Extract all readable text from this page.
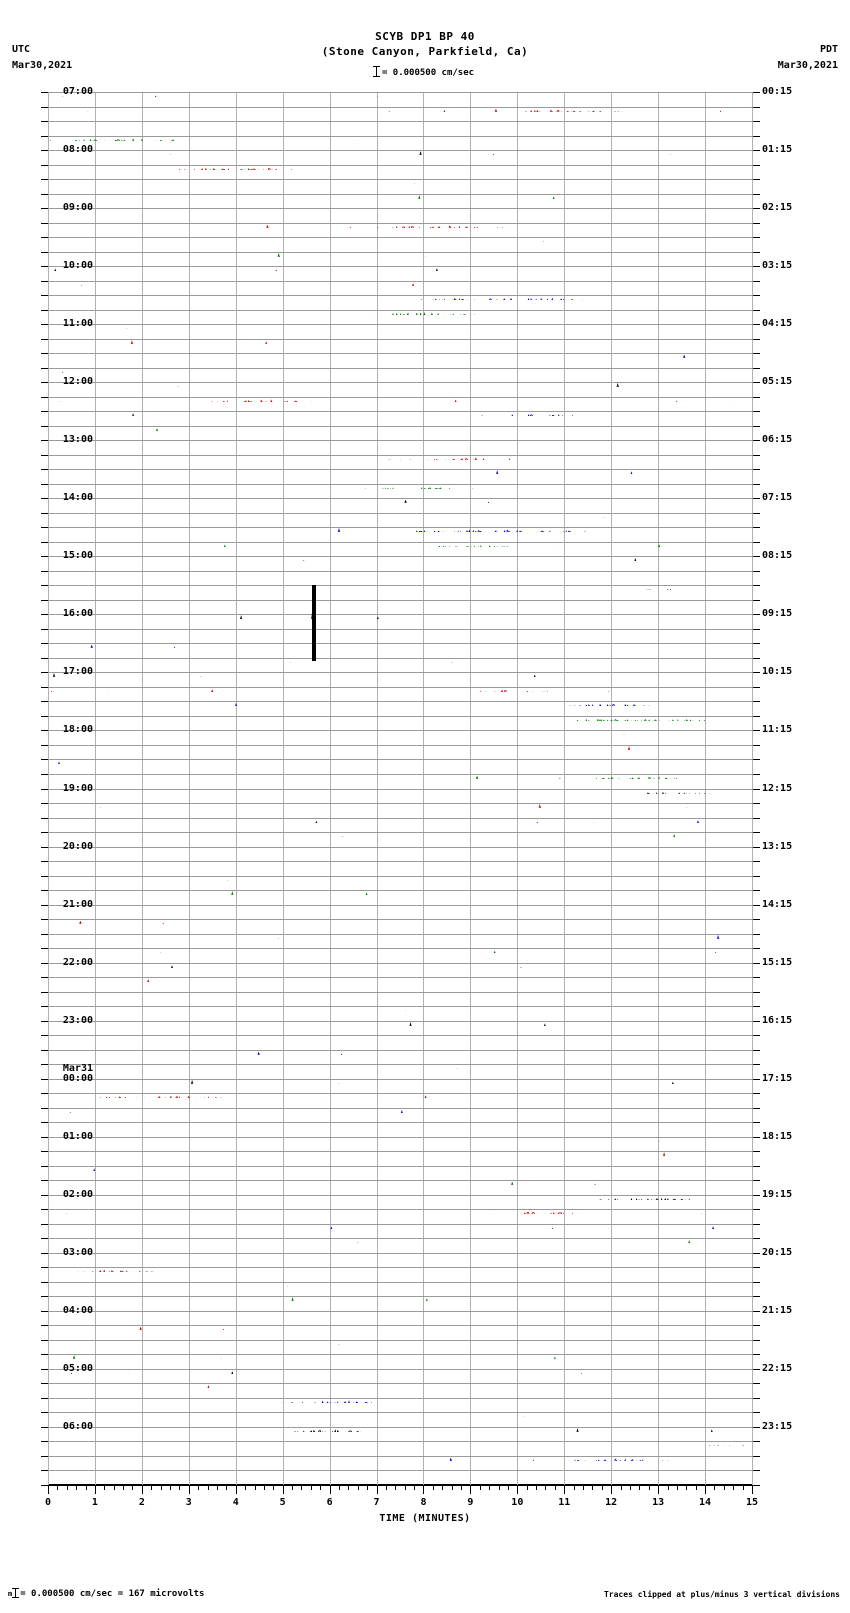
SCYB DP1 BP 40
(Stone Canyon, Parkfield, Ca)
= 0.000500 cm/sec
UTC
Mar30,2021
PDT
Mar30,2021
07:00
08:00
09:00
10:00
11:00
12:00
13:00
14:00
15:00
16:00
17:00
18:00
19:00
20:00
21:00
22:00
23:00
Mar31
00:00
01:00
02:00
03:00
04:00
05:00
06:00
00:15
01:15
02:15
03:15
04:15
05:15
06:15
07:15
08:15
09:15
10:15
11:15
12:15
13:15
14:15
15:15
16:15
17:15
18:15
19:15
20:15
21:15
22:15
23:15
0	1	2	3	4	5	6	7	8	9	10	11	12	13	14	15
TIME (MINUTES)
m = 0.000500 cm/sec = 167 microvolts	Traces clipped at plus/minus 3 vertical divisions
